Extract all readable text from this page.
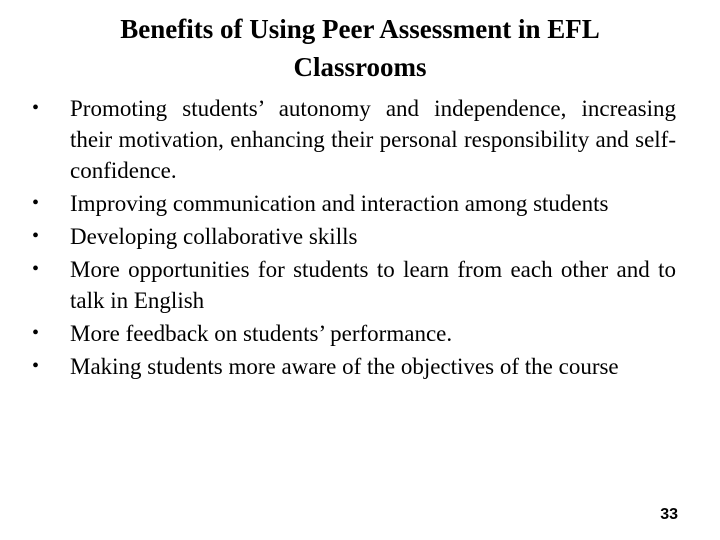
Benefits of Using Peer Assessment in EFL
Classrooms
• Promoting students’ autonomy and independence, increasing their motivation, enhancing their personal responsibility and self-confidence.
• Improving communication and interaction among students
• Developing collaborative skills
• More opportunities for students to learn from each other and to talk in English
• More feedback on students’ performance.
• Making students more aware of the objectives of the course
33
